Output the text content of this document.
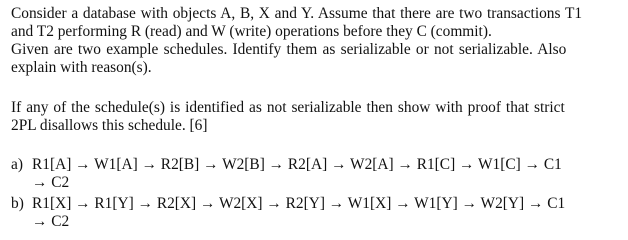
Consider a database with objects A, B, X and Y. Assume that there are two transactions T1
and T2 performing R (read) and W (write) operations before they C (commit).
Given are two example schedules. Identify them as serializable or not serializable. Also
explain with reason(s).
If any of the schedule(s) is identified as not serializable then show with proof that strict
2PL disallows this schedule. [6]
a) R1[A] → W1[A] → R2[B] → W2[B] → R2[A] → W2[A] → R1[C] → W1[C] → C1
→ C2
b) R1[X] → R1[Y] → R2[X] → W2[X] → R2[Y] → W1[X] → W1[Y] → W2[Y] → C1
→ C2
